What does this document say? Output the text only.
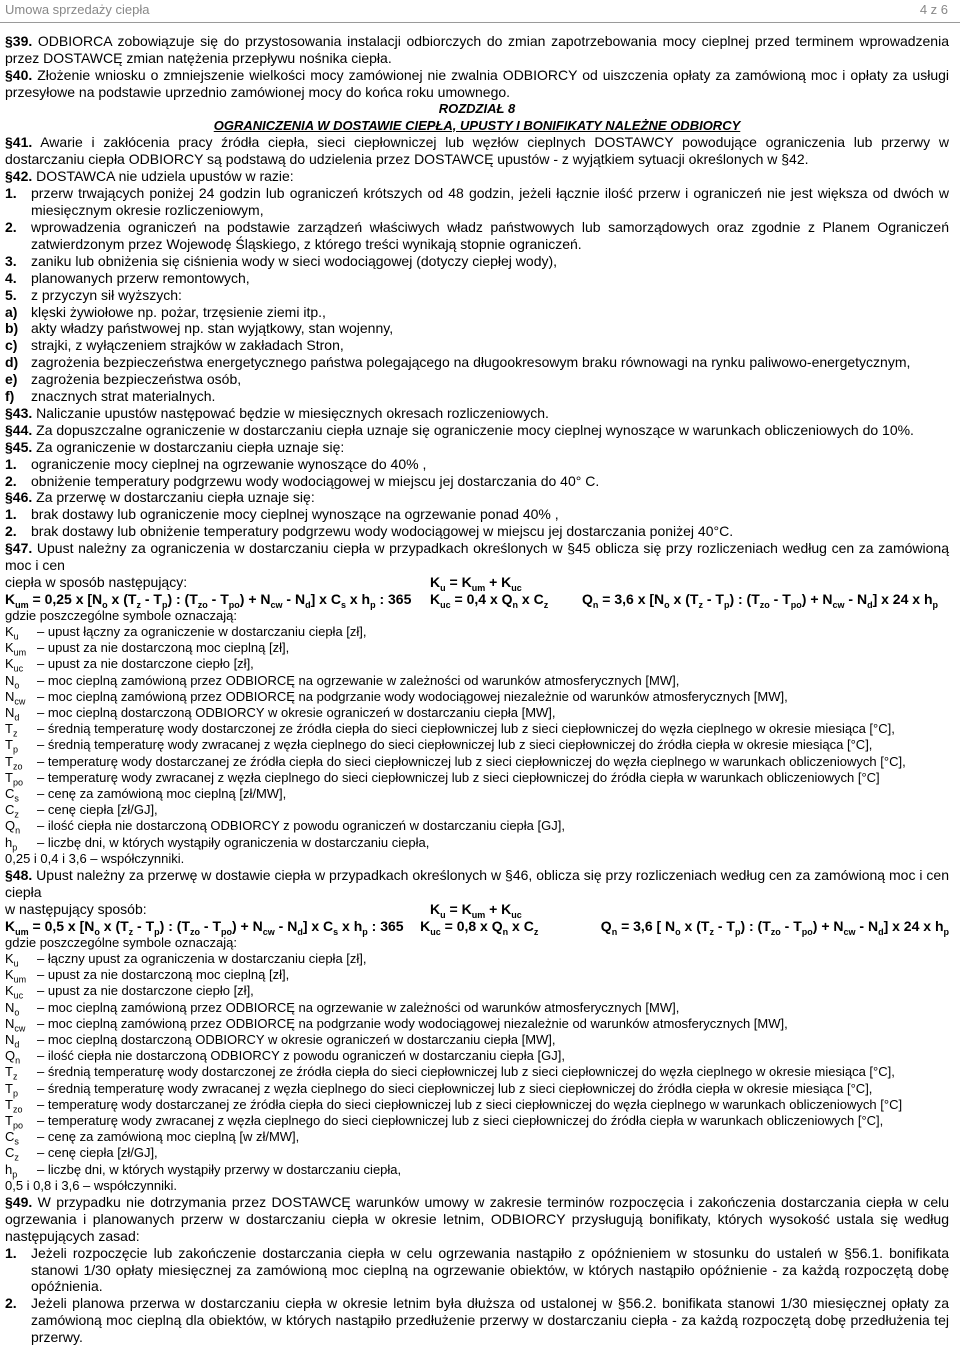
Umowa sprzedaży ciepła	4 z 6

§39. ODBIORCA zobowiązuje się do przystosowania instalacji odbiorczych do zmian zapotrzebowania mocy cieplnej przed terminem wprowadzenia przez DOSTAWCĘ zmian natężenia przepływu nośnika ciepła.

§40. Złożenie wniosku o zmniejszenie wielkości mocy zamówionej nie zwalnia ODBIORCY od uiszczenia opłaty za zamówioną moc i opłaty za usługi przesyłowe na podstawie uprzednio zamówionej mocy do końca roku umownego.

ROZDZIAŁ 8
OGRANICZENIA W DOSTAWIE CIEPŁA, UPUSTY I BONIFIKATY NALEŻNE ODBIORCY

§41. Awarie i zakłócenia pracy źródła ciepła, sieci ciepłowniczej lub węzłów cieplnych DOSTAWCY powodujące ograniczenia lub przerwy w dostarczaniu ciepła ODBIORCY są podstawą do udzielenia przez DOSTAWCĘ upustów - z wyjątkiem sytuacji określonych w §42.

§42. DOSTAWCA nie udziela upustów w razie:

1. przerw trwających poniżej 24 godzin lub ograniczeń krótszych od 48 godzin, jeżeli łącznie ilość przerw i ograniczeń nie jest większa od dwóch w miesięcznym okresie rozliczeniowym,

2. wprowadzenia ograniczeń na podstawie zarządzeń właściwych władz państwowych lub samorządowych oraz zgodnie z Planem Ograniczeń zatwierdzonym przez Wojewodę Śląskiego, z którego treści wynikają stopnie ograniczeń.

3. zaniku lub obniżenia się ciśnienia wody w sieci wodociągowej (dotyczy ciepłej wody),

4. planowanych przerw remontowych,

5. z przyczyn sił wyższych:

a) klęski żywiołowe np. pożar, trzęsienie ziemi itp.,

b) akty władzy państwowej np. stan wyjątkowy, stan wojenny,

c) strajki, z wyłączeniem strajków w zakładach Stron,

d) zagrożenia bezpieczeństwa energetycznego państwa polegającego na długookresowym braku równowagi na rynku paliwowo-energetycznym,

e) zagrożenia bezpieczeństwa osób,

f) znacznych strat materialnych.

§43. Naliczanie upustów następować będzie w miesięcznych okresach rozliczeniowych.

§44. Za dopuszczalne ograniczenie w dostarczaniu ciepła uznaje się ograniczenie mocy cieplnej wynoszące w warunkach obliczeniowych do 10%.

§45. Za ograniczenie w dostarczaniu ciepła uznaje się:

1. ograniczenie mocy cieplnej na ogrzewanie wynoszące do 40% ,

2. obniżenie temperatury podgrzewu wody wodociągowej w miejscu jej dostarczania do 40° C.

§46. Za przerwę w dostarczaniu ciepła uznaje się:

1. brak dostawy lub ograniczenie mocy cieplnej wynoszące na ogrzewanie ponad 40% ,

2. brak dostawy lub obniżenie temperatury podgrzewu wody wodociągowej w miejscu jej dostarczania poniżej 40°C.

§47. Upust należny za ograniczenia w dostarczaniu ciepła w przypadkach określonych w §45 oblicza się przy rozliczeniach według cen za zamówioną moc i cen

ciepła w sposób następujący:	$K_u = K_{um} + K_{uc}$
$K_{um} = 0,25$ x [$N_o$ x $(T_z - T_p)$ : $(T_{zo} - T_{po}) + N_{cw} - N_d$] x $C_s$ x $h_p$ : 365	$K_{uc} = 0,4$ x $Q_n$ x $C_z$	$Q_n = 3,6$ x [$N_o$ x $(T_z - T_p)$ : $(T_{zo} - T_{po}) + N_{cw} - N_d$] x 24 x $h_p$
gdzie poszczególne symbole oznaczają:
$K_u$	– upust łączny za ograniczenie w dostarczaniu ciepła [zł],
$K_{um}$ – upust za nie dostarczoną moc cieplną [zł],
$K_{uc}$	– upust za nie dostarczone ciepło [zł],
$N_o$	– moc cieplną zamówioną przez ODBIORCĘ na ogrzewanie w zależności od warunków atmosferycznych [MW],
$N_{cw}$ – moc cieplną zamówioną przez ODBIORCĘ na podgrzanie wody wodociągowej niezależnie od warunków atmosferycznych [MW],
$N_d$	– moc cieplną dostarczoną ODBIORCY w okresie ograniczeń w dostarczaniu ciepła [MW],
$T_z$	– średnią temperaturę wody dostarczonej ze źródła ciepła do sieci ciepłowniczej lub z sieci ciepłowniczej do węzła cieplnego w okresie miesiąca [°C],
$T_p$	– średnią temperaturę wody zwracanej z węzła cieplnego do sieci ciepłowniczej lub z sieci ciepłowniczej do źródła ciepła w okresie miesiąca [°C],
$T_{zo}$	– temperaturę wody dostarczanej ze źródła ciepła do sieci ciepłowniczej lub z sieci ciepłowniczej do węzła cieplnego w warunkach obliczeniowych [°C],
$T_{po}$	– temperaturę wody zwracanej z węzła cieplnego do sieci ciepłowniczej lub z sieci ciepłowniczej do źródła ciepła w warunkach obliczeniowych [°C]
$C_s$	– cenę za zamówioną moc cieplną [zł/MW],
$C_z$	– cenę ciepła [zł/GJ],
$Q_n$	– ilość ciepła nie dostarczoną ODBIORCY z powodu ograniczeń w dostarczaniu ciepła [GJ],
$h_p$	– liczbę dni, w których wystąpiły ograniczenia w dostarczaniu ciepła,
0,25 i 0,4 i 3,6 – współczynniki.

§48. Upust należny za przerwę w dostawie ciepła w przypadkach określonych w §46, oblicza się przy rozliczeniach według cen za zamówioną moc i cen ciepła

w następujący sposób:	$K_u = K_{um} + K_{uc}$
$K_{um} = 0,5$ x [$N_o$ x $(T_z - T_p)$ : $(T_{zo} - T_{po}) + N_{cw} - N_d$] x $C_s$ x $h_p$ : 365	$K_{uc} = 0,8$ x $Q_n$ x $C_z$	$Q_n = 3,6$ [ $N_o$ x $(T_z - T_p)$ : $(T_{zo} - T_{po}) + N_{cw} - N_d$] x 24 x $h_p$
gdzie poszczególne symbole oznaczają:
$K_u$	– łączny upust za ograniczenia w dostarczaniu ciepła [zł],
$K_{um}$ – upust za nie dostarczoną moc cieplną [zł],
$K_{uc}$	– upust za nie dostarczone ciepło [zł],
$N_o$	– moc cieplną zamówioną przez ODBIORCĘ na ogrzewanie w zależności od warunków atmosferycznych [MW],
$N_{cw}$ – moc cieplną zamówioną przez ODBIORCĘ na podgrzanie wody wodociągowej niezależnie od warunków atmosferycznych [MW],
$N_d$	– moc cieplną dostarczoną ODBIORCY w okresie ograniczeń w dostarczaniu ciepła [MW],
$Q_n$	– ilość ciepła nie dostarczoną ODBIORCY z powodu ograniczeń w dostarczaniu ciepła [GJ],
$T_z$	– średnią temperaturę wody dostarczonej ze źródła ciepła do sieci ciepłowniczej lub z sieci ciepłowniczej do węzła cieplnego w okresie miesiąca [°C],
$T_p$	– średnią temperaturę wody zwracanej z węzła cieplnego do sieci ciepłowniczej lub z sieci ciepłowniczej do źródła ciepła w okresie miesiąca [°C],
$T_{zo}$	– temperaturę wody dostarczanej ze źródła ciepła do sieci ciepłowniczej lub z sieci ciepłowniczej do węzła cieplnego w warunkach obliczeniowych [°C]
$T_{po}$	– temperaturę wody zwracanej z węzła cieplnego do sieci ciepłowniczej lub z sieci ciepłowniczej do źródła ciepła w warunkach obliczeniowych [°C],
$C_s$	– cenę za zamówioną moc cieplną [w zł/MW],
$C_z$	– cenę ciepła [zł/GJ],
$h_p$	– liczbę dni, w których wystąpiły przerwy w dostarczaniu ciepła,
0,5 i 0,8 i 3,6 – współczynniki.

§49. W przypadku nie dotrzymania przez DOSTAWCĘ warunków umowy w zakresie terminów rozpoczęcia i zakończenia dostarczania ciepła w celu ogrzewania i planowanych przerw w dostarczaniu ciepła w okresie letnim, ODBIORCY przysługują bonifikaty, których wysokość ustala się według następujących zasad:

1. Jeżeli rozpoczęcie lub zakończenie dostarczania ciepła w celu ogrzewania nastąpiło z opóźnieniem w stosunku do ustaleń w §56.1. bonifikata stanowi 1/30 opłaty miesięcznej za zamówioną moc cieplną na ogrzewanie obiektów, w których nastąpiło opóźnienie - za każdą rozpoczętą dobę opóźnienia.

2. Jeżeli planowa przerwa w dostarczaniu ciepła w okresie letnim była dłuższa od ustalonej w §56.2. bonifikata stanowi 1/30 miesięcznej opłaty za zamówioną moc cieplną dla obiektów, w których nastąpiło przedłużenie przerwy w dostarczaniu ciepła - za każdą rozpoczętą dobę przedłużenia tej przerwy.
